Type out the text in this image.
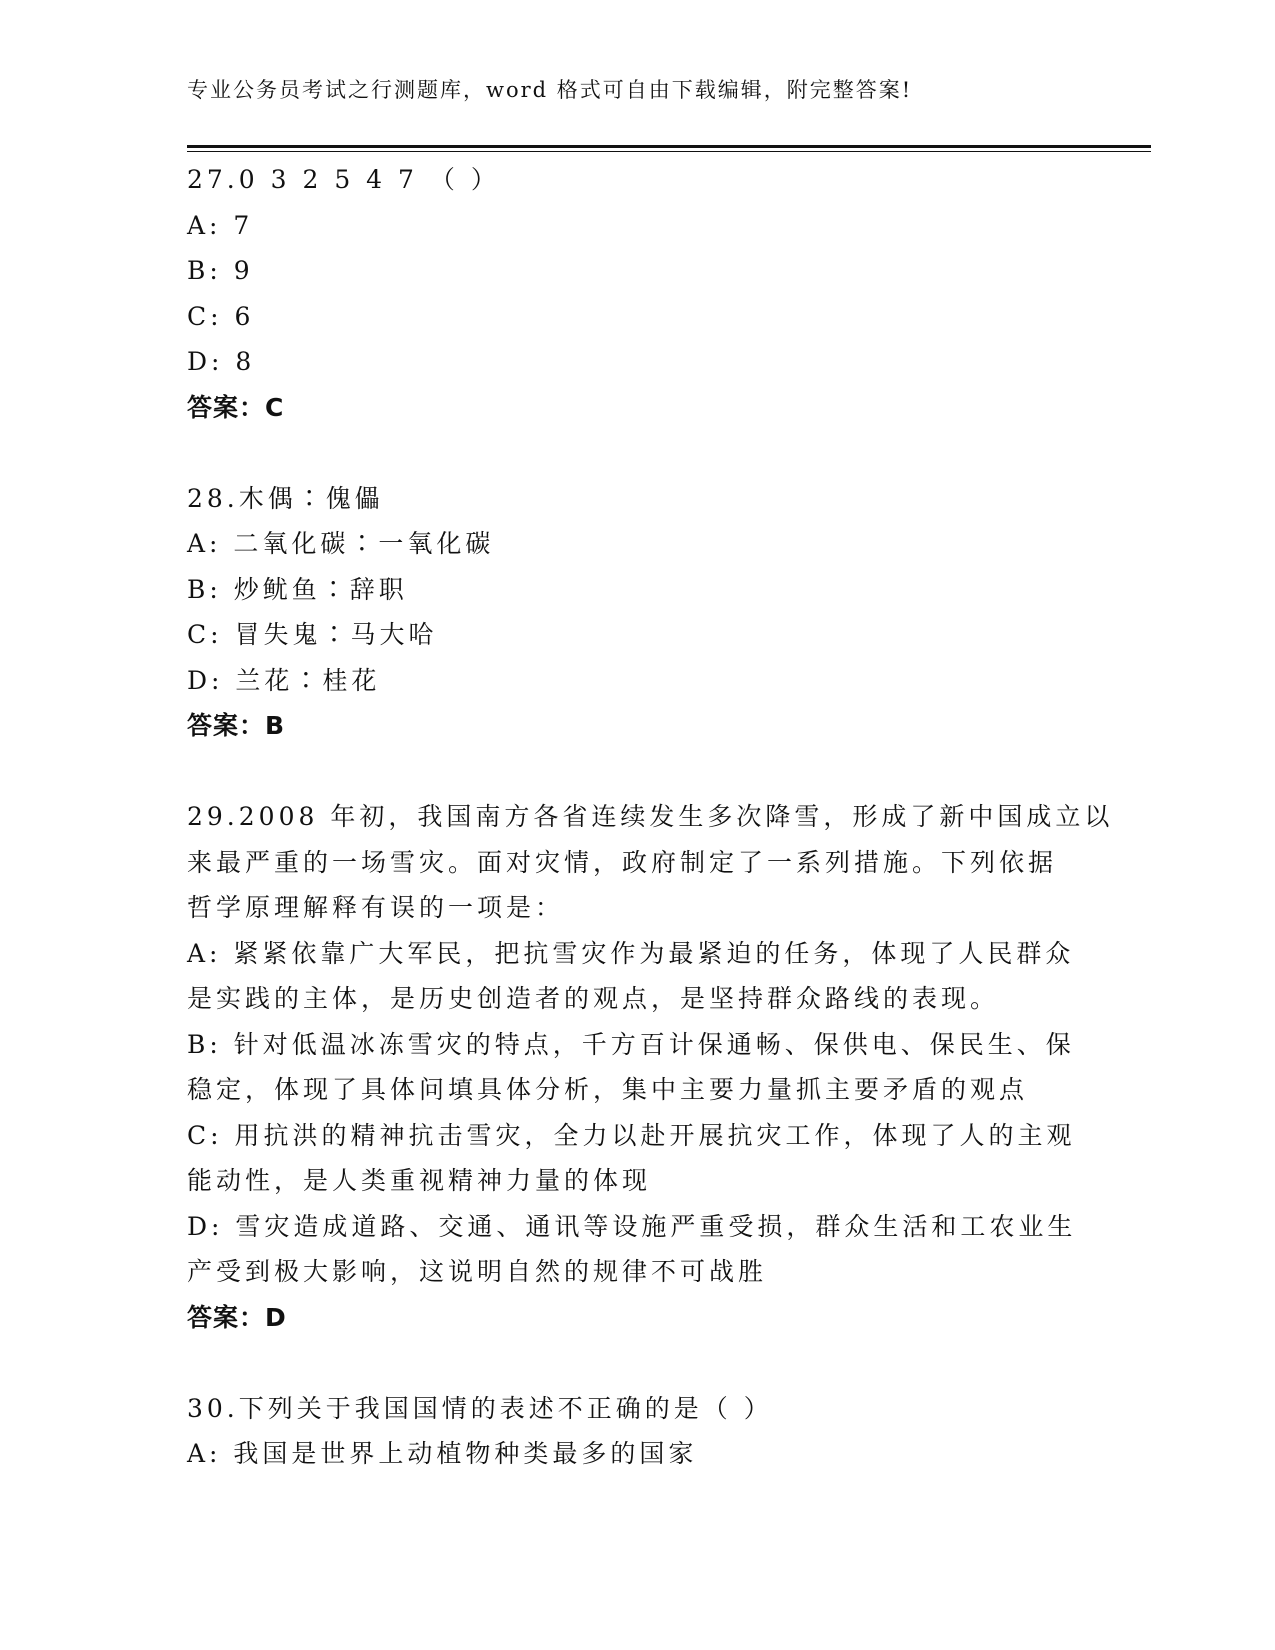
专业公务员考试之行测题库，word 格式可自由下载编辑，附完整答案!
27.0 3 2 5 4 7 （ ）
A: 7
B: 9
C: 6
D: 8
答案：C
28.木偶∶傀儡
A: 二氧化碳∶一氧化碳
B: 炒鱿鱼∶辞职
C: 冒失鬼∶马大哈
D: 兰花∶桂花
答案：B
29.2008 年初，我国南方各省连续发生多次降雪，形成了新中国成立以
来最严重的一场雪灾。面对灾情，政府制定了一系列措施。下列依据
哲学原理解释有误的一项是：
A: 紧紧依靠广大军民，把抗雪灾作为最紧迫的任务，体现了人民群众
是实践的主体，是历史创造者的观点，是坚持群众路线的表现。
B: 针对低温冰冻雪灾的特点，千方百计保通畅、保供电、保民生、保
稳定，体现了具体问填具体分析，集中主要力量抓主要矛盾的观点
C: 用抗洪的精神抗击雪灾，全力以赴开展抗灾工作，体现了人的主观
能动性，是人类重视精神力量的体现
D: 雪灾造成道路、交通、通讯等设施严重受损，群众生活和工农业生
产受到极大影响，这说明自然的规律不可战胜
答案：D
30.下列关于我国国情的表述不正确的是（ ）
A: 我国是世界上动植物种类最多的国家
